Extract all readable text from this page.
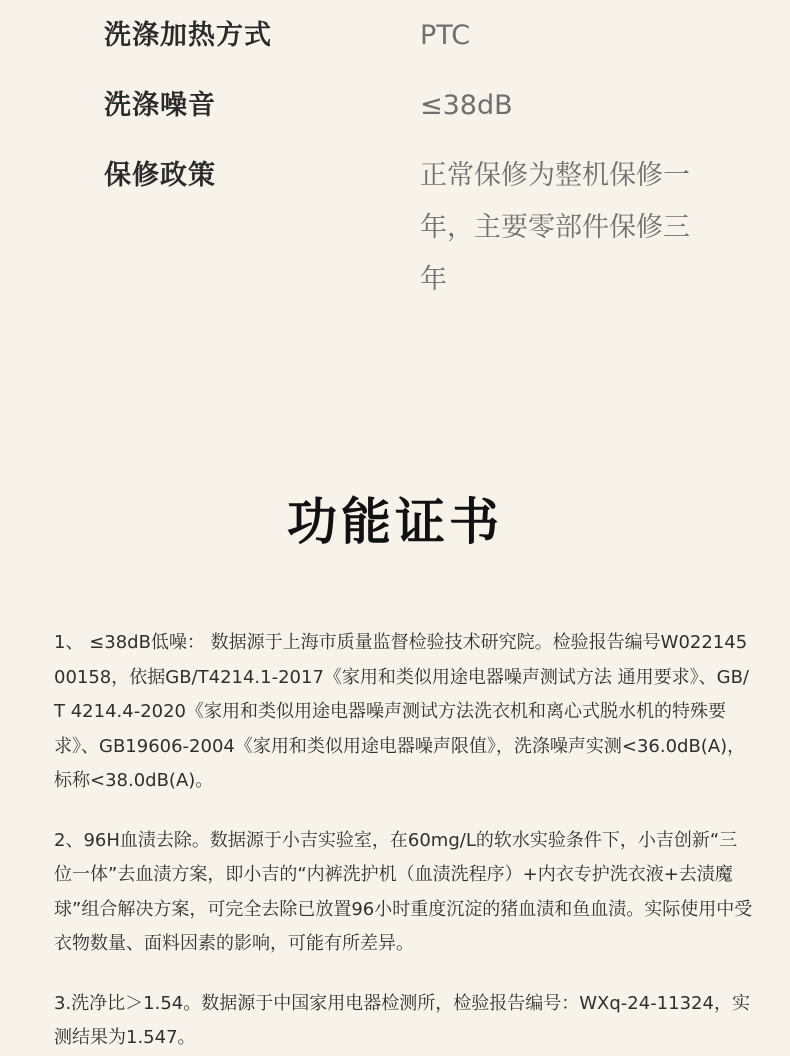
洗涤加热方式	PTC
洗涤噪音	≤38dB
保修政策	正常保修为整机保修一年，主要零部件保修三年
功能证书

1、 ≤38dB低噪： 数据源于上海市质量监督检验技术研究院。检验报告编号W02214500158，依据GB/T4214.1-2017《家用和类似用途电器噪声测试方法 通用要求》、GB/T 4214.4-2020《家用和类似用途电器噪声测试方法洗衣机和离心式脱水机的特殊要求》、GB19606-2004《家用和类似用途电器噪声限值》，洗涤噪声实测<36.0dB(A)，标称<38.0dB(A)。

2、96H血渍去除。数据源于小吉实验室，在60mg/L的软水实验条件下，小吉创新“三位一体”去血渍方案，即小吉的“内裤洗护机（血渍洗程序）+内衣专护洗衣液+去渍魔球”组合解决方案，可完全去除已放置96小时重度沉淀的猪血渍和鱼血渍。实际使用中受衣物数量、面料因素的影响，可能有所差异。

3.洗净比＞1.54。数据源于中国家用电器检测所，检验报告编号：WXq-24-11324，实测结果为1.547。
